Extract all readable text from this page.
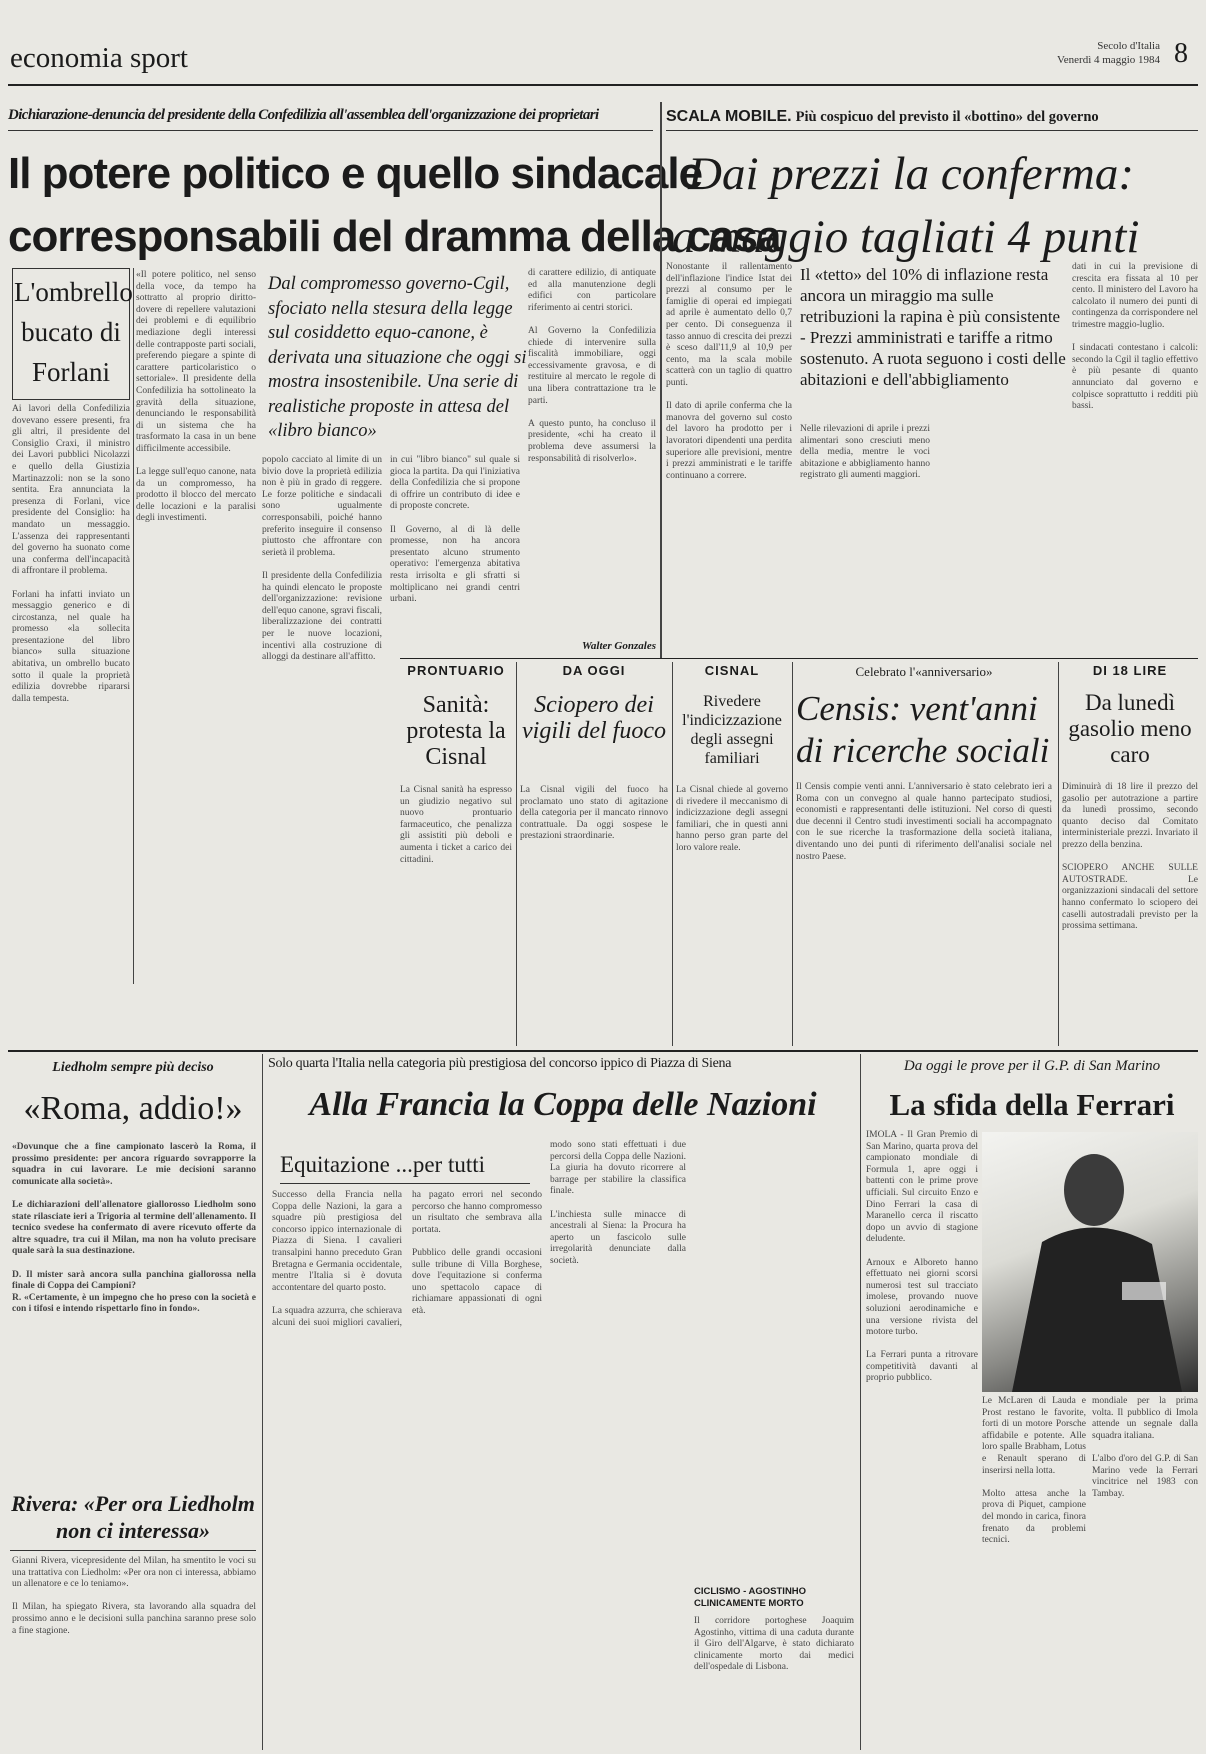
economia sport	Secolo d'Italia
Venerdì 4 maggio 1984 8
Dichiarazione-denuncia del presidente della Confedilizia all'assemblea dell'organizzazione dei proprietari
Il potere politico e quello sindacale
corresponsabili del dramma della casa
L'ombrello bucato di Forlani
Ai lavori della Confedilizia dovevano essere presenti, fra gli altri, il presidente del Consiglio Craxi, il ministro dei Lavori pubblici Nicolazzi e quello della Giustizia Martinazzoli: non se la sono sentita. Era annunciata la presenza di Forlani, vice presidente del Consiglio: ha mandato un messaggio. L'assenza dei rappresentanti del governo ha suonato come una conferma dell'incapacità di affrontare il problema.

Forlani ha infatti inviato un messaggio generico e di circostanza, nel quale ha promesso «la sollecita presentazione del libro bianco» sulla situazione abitativa, un ombrello bucato sotto il quale la proprietà edilizia dovrebbe ripararsi dalla tempesta.
«Il potere politico, nel senso della voce, da tempo ha sottratto al proprio diritto-dovere di repellere valutazioni dei problemi e di equilibrio mediazione degli interessi delle contrapposte parti sociali, preferendo piegare a spinte di carattere particolaristico o settoriale». Il presidente della Confedilizia ha sottolineato la gravità della situazione, denunciando le responsabilità di un sistema che ha trasformato la casa in un bene difficilmente accessibile.

La legge sull'equo canone, nata da un compromesso, ha prodotto il blocco del mercato delle locazioni e la paralisi degli investimenti.
Dal compromesso governo-Cgil, sfociato nella stesura della legge sul cosiddetto equo-canone, è derivata una situazione che oggi si mostra insostenibile. Una serie di realistiche proposte in attesa del «libro bianco»
popolo cacciato al limite di un bivio dove la proprietà edilizia non è più in grado di reggere. Le forze politiche e sindacali sono ugualmente corresponsabili, poiché hanno preferito inseguire il consenso piuttosto che affrontare con serietà il problema.

Il presidente della Confedilizia ha quindi elencato le proposte dell'organizzazione: revisione dell'equo canone, sgravi fiscali, liberalizzazione dei contratti per le nuove locazioni, incentivi alla costruzione di alloggi da destinare all'affitto.
in cui "libro bianco" sul quale si gioca la partita. Da qui l'iniziativa della Confedilizia che si propone di offrire un contributo di idee e di proposte concrete.

Il Governo, al di là delle promesse, non ha ancora presentato alcuno strumento operativo: l'emergenza abitativa resta irrisolta e gli sfratti si moltiplicano nei grandi centri urbani.
di carattere edilizio, di antiquate ed alla manutenzione degli edifici con particolare riferimento ai centri storici.

Al Governo la Confedilizia chiede di intervenire sulla fiscalità immobiliare, oggi eccessivamente gravosa, e di restituire al mercato le regole di una libera contrattazione tra le parti.

A questo punto, ha concluso il presidente, «chi ha creato il problema deve assumersi la responsabilità di risolverlo».
Walter Gonzales
SCALA MOBILE. Più cospicuo del previsto il «bottino» del governo
Dai prezzi la conferma:
a maggio tagliati 4 punti
Nonostante il rallentamento dell'inflazione l'indice Istat dei prezzi al consumo per le famiglie di operai ed impiegati ad aprile è aumentato dello 0,7 per cento. Di conseguenza il tasso annuo di crescita dei prezzi è sceso dall'11,9 al 10,9 per cento, ma la scala mobile scatterà con un taglio di quattro punti.

Il dato di aprile conferma che la manovra del governo sul costo del lavoro ha prodotto per i lavoratori dipendenti una perdita superiore alle previsioni, mentre i prezzi amministrati e le tariffe continuano a correre.
Il «tetto» del 10% di inflazione resta ancora un miraggio ma sulle retribuzioni la rapina è più consistente - Prezzi amministrati e tariffe a ritmo sostenuto. A ruota seguono i costi delle abitazioni e dell'abbigliamento
Nelle rilevazioni di aprile i prezzi alimentari sono cresciuti meno della media, mentre le voci abitazione e abbigliamento hanno registrato gli aumenti maggiori.
dati in cui la previsione di crescita era fissata al 10 per cento. Il ministero del Lavoro ha calcolato il numero dei punti di contingenza da corrispondere nel trimestre maggio-luglio.

I sindacati contestano i calcoli: secondo la Cgil il taglio effettivo è più pesante di quanto annunciato dal governo e colpisce soprattutto i redditi più bassi.
PRONTUARIO
Sanità: protesta la Cisnal
La Cisnal sanità ha espresso un giudizio negativo sul nuovo prontuario farmaceutico, che penalizza gli assistiti più deboli e aumenta i ticket a carico dei cittadini.
DA OGGI
Sciopero dei vigili del fuoco
La Cisnal vigili del fuoco ha proclamato uno stato di agitazione della categoria per il mancato rinnovo contrattuale. Da oggi sospese le prestazioni straordinarie.
CISNAL
Rivedere l'indicizzazione degli assegni familiari
La Cisnal chiede al governo di rivedere il meccanismo di indicizzazione degli assegni familiari, che in questi anni hanno perso gran parte del loro valore reale.
Celebrato l'«anniversario»
Censis: vent'anni
di ricerche sociali
Il Censis compie venti anni. L'anniversario è stato celebrato ieri a Roma con un convegno al quale hanno partecipato studiosi, economisti e rappresentanti delle istituzioni. Nel corso di questi due decenni il Centro studi investimenti sociali ha accompagnato con le sue ricerche la trasformazione della società italiana, diventando uno dei punti di riferimento dell'analisi sociale nel nostro Paese.
DI 18 LIRE
Da lunedì gasolio meno caro
Diminuirà di 18 lire il prezzo del gasolio per autotrazione a partire da lunedì prossimo, secondo quanto deciso dal Comitato interministeriale prezzi. Invariato il prezzo della benzina.

SCIOPERO ANCHE SULLE AUTOSTRADE. Le organizzazioni sindacali del settore hanno confermato lo sciopero dei caselli autostradali previsto per la prossima settimana.
Liedholm sempre più deciso
«Roma, addio!»
«Dovunque che a fine campionato lascerò la Roma, il prossimo presidente: per ancora riguardo sovrapporre la squadra in cui lavorare. Le mie decisioni saranno comunicate alla società».

Le dichiarazioni dell'allenatore giallorosso Liedholm sono state rilasciate ieri a Trigoria al termine dell'allenamento. Il tecnico svedese ha confermato di avere ricevuto offerte da altre squadre, tra cui il Milan, ma non ha voluto precisare quale sarà la sua destinazione.

D. Il mister sarà ancora sulla panchina giallorossa nella finale di Coppa dei Campioni?
R. «Certamente, è un impegno che ho preso con la società e con i tifosi e intendo rispettarlo fino in fondo».
Rivera: «Per ora Liedholm non ci interessa»
Gianni Rivera, vicepresidente del Milan, ha smentito le voci su una trattativa con Liedholm: «Per ora non ci interessa, abbiamo un allenatore e ce lo teniamo».

Il Milan, ha spiegato Rivera, sta lavorando alla squadra del prossimo anno e le decisioni sulla panchina saranno prese solo a fine stagione.
Solo quarta l'Italia nella categoria più prestigiosa del concorso ippico di Piazza di Siena
Alla Francia la Coppa delle Nazioni
Equitazione ...per tutti
Successo della Francia nella Coppa delle Nazioni, la gara a squadre più prestigiosa del concorso ippico internazionale di Piazza di Siena. I cavalieri transalpini hanno preceduto Gran Bretagna e Germania occidentale, mentre l'Italia si è dovuta accontentare del quarto posto.

La squadra azzurra, che schierava alcuni dei suoi migliori cavalieri, ha pagato errori nel secondo percorso che hanno compromesso un risultato che sembrava alla portata.

Pubblico delle grandi occasioni sulle tribune di Villa Borghese, dove l'equitazione si conferma uno spettacolo capace di richiamare appassionati di ogni età.
modo sono stati effettuati i due percorsi della Coppa delle Nazioni. La giuria ha dovuto ricorrere al barrage per stabilire la classifica finale.

L'inchiesta sulle minacce di ancestrali al Siena: la Procura ha aperto un fascicolo sulle irregolarità denunciate dalla società.
CICLISMO - AGOSTINHO CLINICAMENTE MORTO
Il corridore portoghese Joaquim Agostinho, vittima di una caduta durante il Giro dell'Algarve, è stato dichiarato clinicamente morto dai medici dell'ospedale di Lisbona.
Da oggi le prove per il G.P. di San Marino
La sfida della Ferrari
IMOLA - Il Gran Premio di San Marino, quarta prova del campionato mondiale di Formula 1, apre oggi i battenti con le prime prove ufficiali. Sul circuito Enzo e Dino Ferrari la casa di Maranello cerca il riscatto dopo un avvio di stagione deludente.

Arnoux e Alboreto hanno effettuato nei giorni scorsi numerosi test sul tracciato imolese, provando nuove soluzioni aerodinamiche e una versione rivista del motore turbo.

La Ferrari punta a ritrovare competitività davanti al proprio pubblico.
Le McLaren di Lauda e Prost restano le favorite, forti di un motore Porsche affidabile e potente. Alle loro spalle Brabham, Lotus e Renault sperano di inserirsi nella lotta.

Molto attesa anche la prova di Piquet, campione del mondo in carica, finora frenato da problemi tecnici.
mondiale per la prima volta. Il pubblico di Imola attende un segnale dalla squadra italiana.

L'albo d'oro del G.P. di San Marino vede la Ferrari vincitrice nel 1983 con Tambay.
